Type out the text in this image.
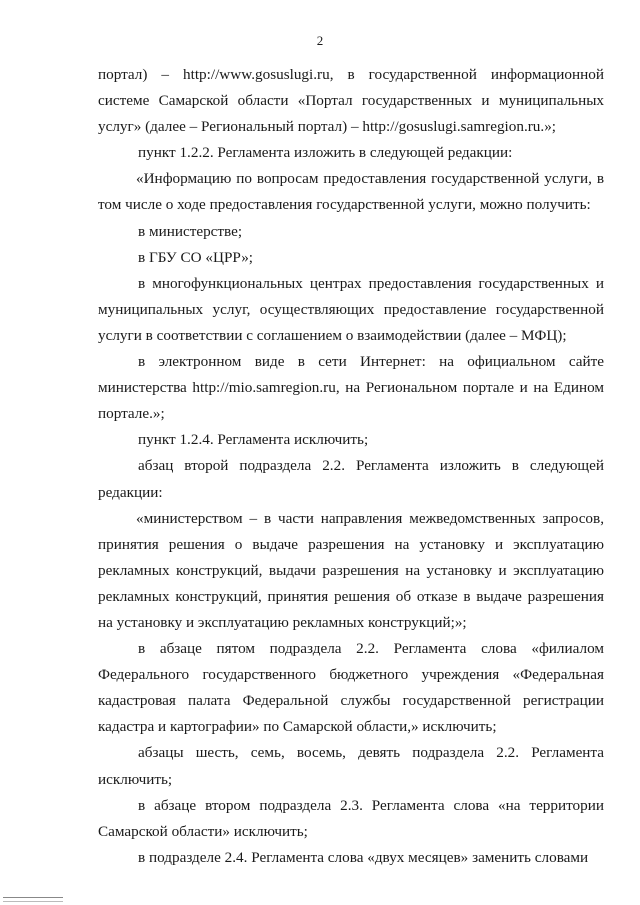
2

портал) – http://www.gosuslugi.ru, в государственной информационной системе Самарской области «Портал государственных и муниципальных услуг» (далее – Региональный портал) – http://gosuslugi.samregion.ru.»;

пункт 1.2.2. Регламента изложить в следующей редакции:

«Информацию по вопросам предоставления государственной услуги, в том числе о ходе предоставления государственной услуги, можно получить:

в министерстве;

в ГБУ СО «ЦРР»;

в многофункциональных центрах предоставления государственных и муниципальных услуг, осуществляющих предоставление государственной услуги в соответствии с соглашением о взаимодействии (далее – МФЦ);

в электронном виде в сети Интернет: на официальном сайте министерства http://mio.samregion.ru, на Региональном портале и на Едином портале.»;

пункт 1.2.4. Регламента исключить;

абзац второй подраздела 2.2. Регламента изложить в следующей редакции:

«министерством – в части направления межведомственных запросов, принятия решения о выдаче разрешения на установку и эксплуатацию рекламных конструкций, выдачи разрешения на установку и эксплуатацию рекламных конструкций, принятия решения об отказе в выдаче разрешения на установку и эксплуатацию рекламных конструкций;»;

в абзаце пятом подраздела 2.2. Регламента слова «филиалом Федерального государственного бюджетного учреждения «Федеральная кадастровая палата Федеральной службы государственной регистрации кадастра и картографии» по Самарской области,» исключить;

абзацы шесть, семь, восемь, девять подраздела 2.2. Регламента исключить;

в абзаце втором подраздела 2.3. Регламента слова «на территории Самарской области» исключить;

в подразделе 2.4. Регламента слова «двух месяцев» заменить словами
